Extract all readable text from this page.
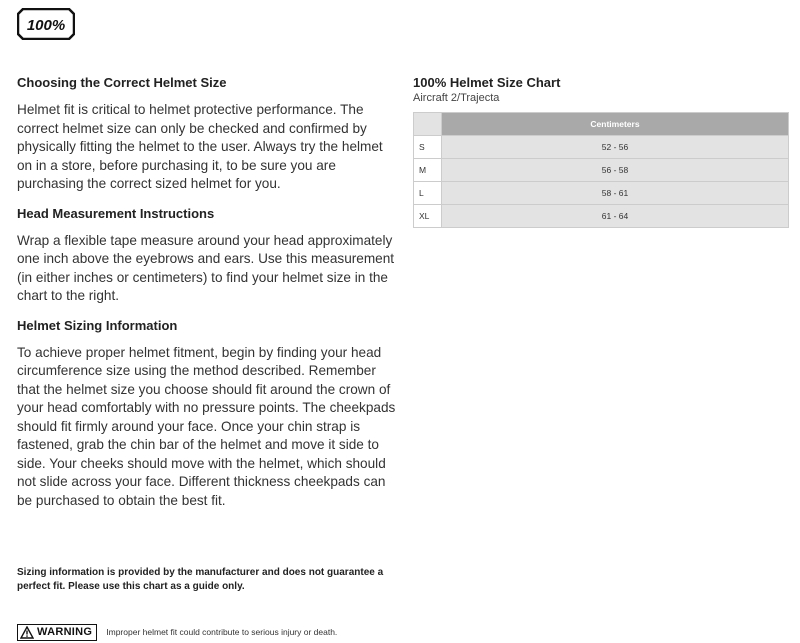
100%
Choosing the Correct Helmet Size
Helmet fit is critical to helmet protective performance. The correct helmet size can only be checked and confirmed by physically fitting the helmet to the user. Always try the helmet on in a store, before purchasing it, to be sure you are purchasing the correct sized helmet for you.
Head Measurement Instructions
Wrap a flexible tape measure around your head approximately one inch above the eyebrows and ears. Use this measurement (in either inches or centimeters) to find your helmet size in the chart to the right.
Helmet Sizing Information
To achieve proper helmet fitment, begin by finding your head circumference size using the method described. Remember that the helmet size you choose should fit around the crown of your head comfortably with no pressure points. The cheekpads should fit firmly around your face. Once your chin strap is fastened, grab the chin bar of the helmet and move it side to side. Your cheeks should move with the helmet, which should not slide across your face. Different thickness cheekpads can be purchased to obtain the best fit.
Sizing information is provided by the manufacturer and does not guarantee a perfect fit. Please use this chart as a guide only.
WARNING Improper helmet fit could contribute to serious injury or death.
100% Helmet Size Chart
Aircraft 2/Trajecta
	Centimeters
S	52 - 56
M	56 - 58
L	58 - 61
XL	61 - 64
